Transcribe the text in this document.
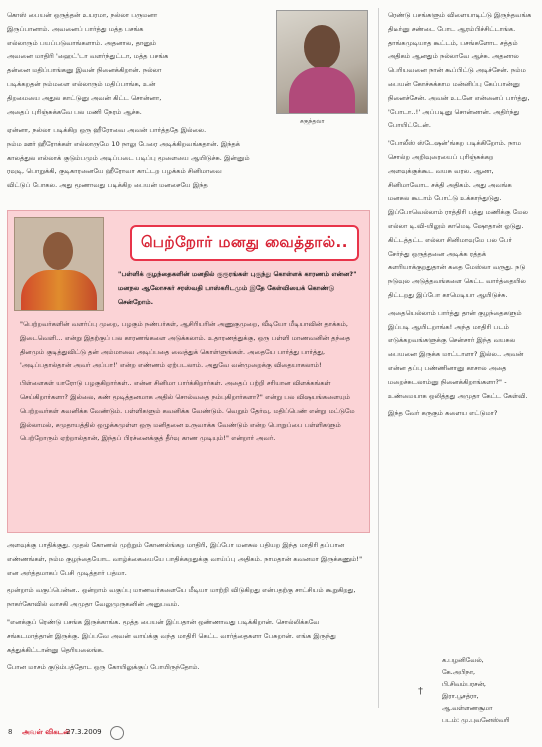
கொஸ் பையன் ஒருத்தன் உயரமா, நல்லா பருமனா
இருப்பானாம். அவனைப் பார்த்து மத்த பசங்க
எல்லாரும் பயப்படுவாங்களாம். அதனால, தானும்
அவனை மாதிரி 'ஹைட்'டா வளர்ந்துட்டா, மத்த பசங்க
தன்னை மதிப்பாங்கனு இவன் நினைக்கிறான். நல்லா
படிக்கறதன் நம்மளை எல்லாரும் மதிப்பாங்க, உன்
திறமையை அதுல காட்டுனு அவன் கிட்ட சொன்னா,
அதைப் புரிஞ்சுக்கவே பல மணி நேரம் ஆச்சு.
சகுந்தலா
ஏன்னா, நல்லா படிக்கிற ஒரு ஹீரோவை அவன் பார்த்ததே இல்லை.
நம்ம ஊர் ஹீரோக்கள் எல்லாருமே 10 நாலு பேரை அடிக்கிறவங்கதான். இந்தக்
காலத்துல எல்லாக் குடும்பமும் அடிப்படை படிப்பு மூளையை ஆயிடுச்சு. இன்னும்
ரவுடி, பொறுக்கி, குடிகாரனையே ஹீரோவா காட்டற பழக்கம் சினிமாவை
விட்டுப் போகல. அது மூணாவது படிக்கிற பையன் மனசையே இந்த
பெற்றோர் மனது வைத்தால்..
"பள்ளிக் குழந்தைகளின் மனதில் குரூரங்கள் புகுந்து கொள்ளக் காரணம் என்ன?" மனநல ஆலோசகர் சரஸ்வதி பாஸ்கரிடமும் இதே கேள்வியைக் கொண்டு சென்றோம்.

"பெற்றவர்களின் வளர்ப்பு முறை, பழகும் நண்பர்கள், ஆசிரியரின் அணுகுமுறை, வீடியோ மீடியாவின் தாக்கம், இடைவெளி... என்று இதற்குப் பல காரணங்களை அடுக்கலாம். உதாரணத்துக்கு, ஒரு பள்ளி மாணவனின் தந்தை தினமும் குடித்துவிட்டு தன் அம்மாவை அடிப்பதை வைத்துக் கொள்ளுங்கள். அதையே பார்த்து பார்த்து, 'அடிப்பதால்தான் அவர் அப்பா!' என்ற எண்ணம் ஏற்படலாம். அதுவே வன்முறைக்கு விதையாகலாம்!

பிள்ளைகள் யாரோடு பழகுகிறார்கள்.. என்ன சினிமா பார்க்கிறார்கள். அதைப் பற்றி சரியான விளக்கங்கள் செய்கிறார்களா? இல்லை, கண் மூடித்தனமாக அதில் சொல்வதை நம்புகிறார்களா?" என்று பல விஷயங்களையும் பெற்றவர்கள் கவனிக்க வேண்டும். பள்ளிகளும் கவனிக்க வேண்டும். வெறும் தேர்வு, மதிப்பெண் என்று மட்டுமே இல்லாமல், சமுதாயத்தில் ஒழுக்கமுள்ள ஒரு மனிதனை உருவாக்க வேண்டும் என்ற பொறுப்பை பள்ளிகளும் பெற்றோரும் ஏற்றால்தான், இந்தப் பிரச்னைக்குத் தீர்வு காண முடியும்!" என்றார் அவர்.

அளவுக்கு பாதிக்குது. முதல் கோணல் முற்றும் கோணல்ங்கற மாதிரி, இப்போ மனசுல பதியற இந்த மாதிரி தப்பான எண்ணங்கள், நம்ம குழந்தையோட வாழ்க்கையையே பாதிக்கறதுக்கு வாய்ப்பு அதிகம். நாமதான் கவனமா இருக்கணும்!" என அர்த்தமாகப் பேசி முடித்தார் பத்மா.

மூன்றாம் வகுப்பென்ன.. ஒன்றாம் வகுப்பு மாணவர்களையே மீடியா மாற்றி விடுகிறது என்பதற்கு சாட்சியம் கூறுகிறது, நாகர்கோவில் வாசகி அமுதா வேலுமுருகனின் அனுபவம்.

"எனக்குப் ரெண்டு பசங்க இருக்காங்க. மூத்த பையன் இப்பதான் ஒண்ணாவது படிக்கிறான். சொல்லிக்கவே சங்கடமாத்தான் இருக்கு. இப்பவே அவன் வாய்க்கு வந்த மாதிரி கெட்ட வார்த்தைகளா பேசுறான். எங்க இருந்து கத்துக்கிட்டான்னு தெரியலைங்க.

போன மாசம் குடும்பத்தோட ஒரு கோயிலுக்குப் போயிருந்தோம்.

ரெண்டு பசங்களும் விளையாடிட்டு இருந்தவங்க திடீர்னு சண்டை போட ஆரம்பிச்சிட்டாங்க. தாங்கமுடியாத கூட்டம், பசங்களோட சத்தம் அதிகம் ஆனதும் நல்லாவே ஆச்சு. அதனால பெரியவனை நான் கூப்பிட்டு அடிச்சேன். நம்ம பையன் கோச்சுக்காம மன்னிப்பு கேப்பான்னு நினைச்சேன். அவன் உடனே என்னைப் பார்த்து, 'போடா..!' அப்படினு சொன்னான். அதிர்ந்து போயிட்டேன்.

'போலீஸ் ஸ்டேஷன்'ங்கற படிக்கிறோம். நாம சொல்ற அறிவுரையைப் புரிஞ்சுக்கற அளவுக்குக்கூட வயசு வரல. ஆனா, சினிமாவோட சக்தி அதிகம். அது அவங்க மனசுல கூடாம் போட்டு உக்காந்துடுது. இப்போவெல்லாம் ராத்திரி பத்து மணிக்கு மேல எல்லா டி.வி-யிலும் காமெடி ஷோதான் ஓடுது. கிட்டத்தட்ட எல்லா சினிமாவுமே பல பேர் சேர்ந்து ஒருத்தனை அடிக்க ரத்தக் களரியாக்குறதுதான் கதை மேஸ்லா வருது. நடு நடுவுல அடுத்தவங்களை கெட்ட வார்த்தையில திட்டறது இப்போ காமெடியா ஆயிடுச்சு.

அதையெல்லாம் பார்த்து தான் குழந்தைகளும் இப்படி ஆயிடறாங்க! அந்த மாதிரி படம் எடுக்கறவங்களுக்கு சென்சார் இந்த வயசுல பையனை இருக்க மாட்டாளா? இல்ல.. அவன் என்ன தப்பு பண்ணினானு காசால அதை மறைச்சுடலாம்னு நினைக்கிறாங்களா?" - உண்மையாக ஒலித்தது அமுதா கேட்ட கேள்வி.

இந்த வேர் கருகும் களைய எட்டுமா?

†
க.பழனிவேல்,
கே.அபிநா,
பி.சிவம்பரசன்,
இரா.பூசத்ரா,
ஆ.வள்ளணசூமா
படம்: மு.புவனேஸ்வரி
8 அவள் விகடன்
27.3.2009
